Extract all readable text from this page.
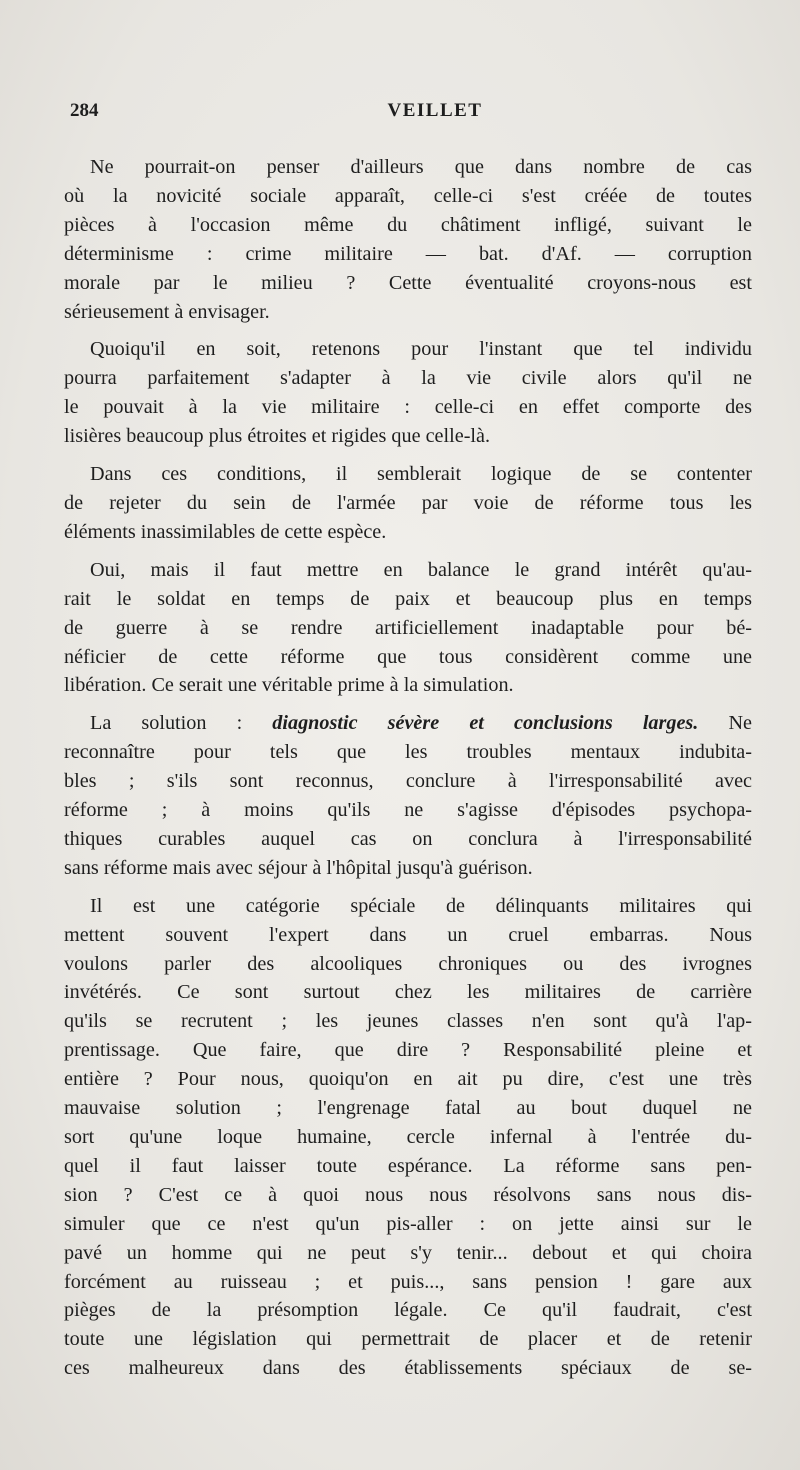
284	VEILLET
Ne pourrait-on penser d'ailleurs que dans nombre de cas
où la novicité sociale apparaît, celle-ci s'est créée de toutes
pièces à l'occasion même du châtiment infligé, suivant le
déterminisme : crime militaire — bat. d'Af. — corruption
morale par le milieu ? Cette éventualité croyons-nous est
sérieusement à envisager.
Quoiqu'il en soit, retenons pour l'instant que tel individu
pourra parfaitement s'adapter à la vie civile alors qu'il ne
le pouvait à la vie militaire : celle-ci en effet comporte des
lisières beaucoup plus étroites et rigides que celle-là.
Dans ces conditions, il semblerait logique de se contenter
de rejeter du sein de l'armée par voie de réforme tous les
éléments inassimilables de cette espèce.
Oui, mais il faut mettre en balance le grand intérêt qu'au-
rait le soldat en temps de paix et beaucoup plus en temps
de guerre à se rendre artificiellement inadaptable pour bé-
néficier de cette réforme que tous considèrent comme une
libération. Ce serait une véritable prime à la simulation.
La solution : diagnostic sévère et conclusions larges. Ne
reconnaître pour tels que les troubles mentaux indubita-
bles ; s'ils sont reconnus, conclure à l'irresponsabilité avec
réforme ; à moins qu'ils ne s'agisse d'épisodes psychopa-
thiques curables auquel cas on conclura à l'irresponsabilité
sans réforme mais avec séjour à l'hôpital jusqu'à guérison.
Il est une catégorie spéciale de délinquants militaires qui
mettent souvent l'expert dans un cruel embarras. Nous
voulons parler des alcooliques chroniques ou des ivrognes
invétérés. Ce sont surtout chez les militaires de carrière
qu'ils se recrutent ; les jeunes classes n'en sont qu'à l'ap-
prentissage. Que faire, que dire ? Responsabilité pleine et
entière ? Pour nous, quoiqu'on en ait pu dire, c'est une très
mauvaise solution ; l'engrenage fatal au bout duquel ne
sort qu'une loque humaine, cercle infernal à l'entrée du-
quel il faut laisser toute espérance. La réforme sans pen-
sion ? C'est ce à quoi nous nous résolvons sans nous dis-
simuler que ce n'est qu'un pis-aller : on jette ainsi sur le
pavé un homme qui ne peut s'y tenir... debout et qui choira
forcément au ruisseau ; et puis..., sans pension ! gare aux
pièges de la présomption légale. Ce qu'il faudrait, c'est
toute une législation qui permettrait de placer et de retenir
ces malheureux dans des établissements spéciaux de se-
